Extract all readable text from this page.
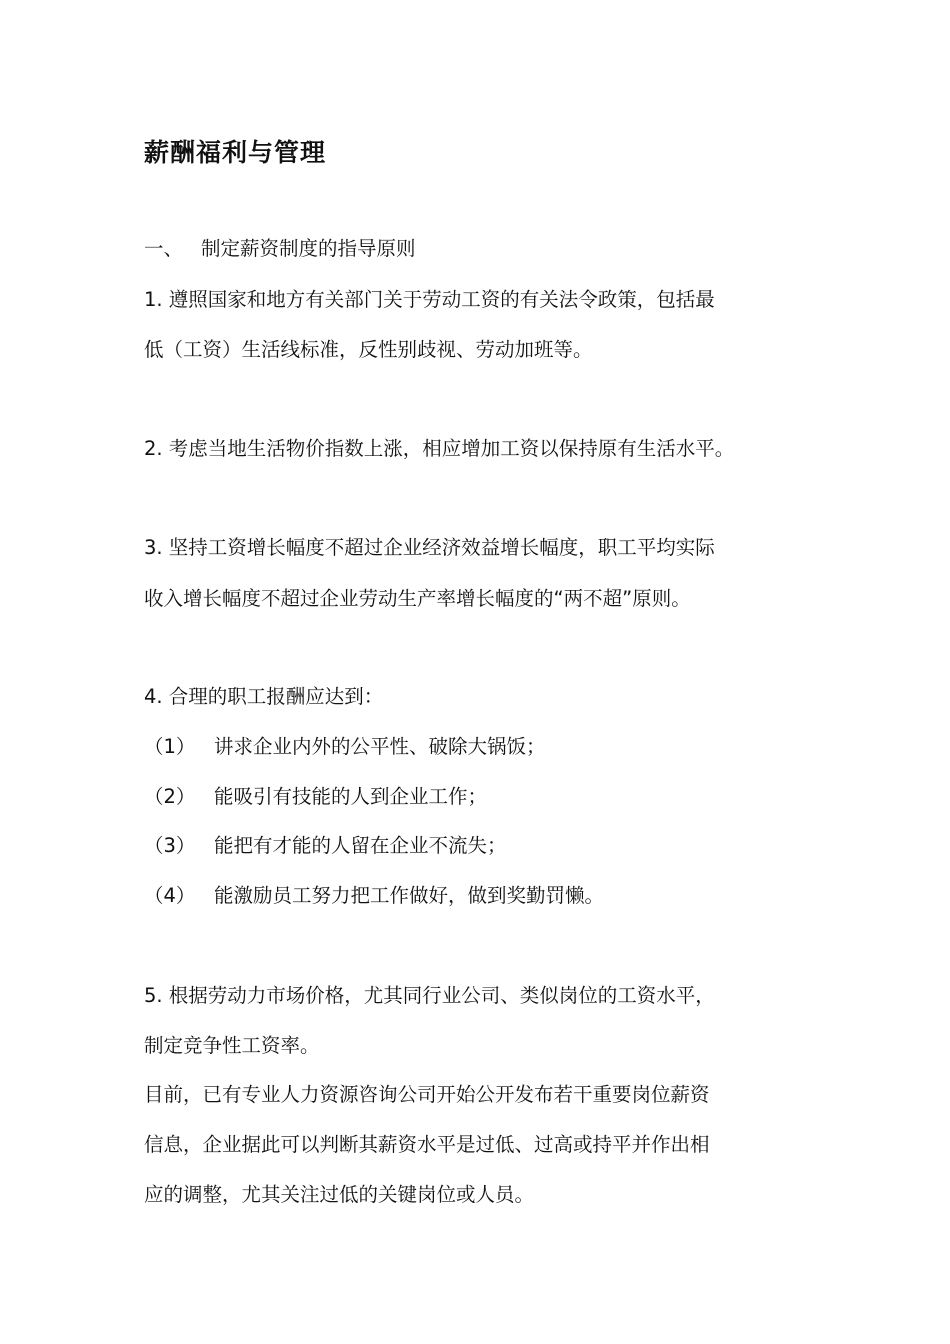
薪酬福利与管理
一、 制定薪资制度的指导原则
1. 遵照国家和地方有关部门关于劳动工资的有关法令政策，包括最
低（工资）生活线标准，反性别歧视、劳动加班等。
2. 考虑当地生活物价指数上涨，相应增加工资以保持原有生活水平。
3. 坚持工资增长幅度不超过企业经济效益增长幅度，职工平均实际
收入增长幅度不超过企业劳动生产率增长幅度的“两不超”原则。
4. 合理的职工报酬应达到：
（1） 讲求企业内外的公平性、破除大锅饭；
（2） 能吸引有技能的人到企业工作；
（3） 能把有才能的人留在企业不流失；
（4） 能激励员工努力把工作做好，做到奖勤罚懒。
5. 根据劳动力市场价格，尤其同行业公司、类似岗位的工资水平，
制定竞争性工资率。
目前，已有专业人力资源咨询公司开始公开发布若干重要岗位薪资
信息，企业据此可以判断其薪资水平是过低、过高或持平并作出相
应的调整，尤其关注过低的关键岗位或人员。
